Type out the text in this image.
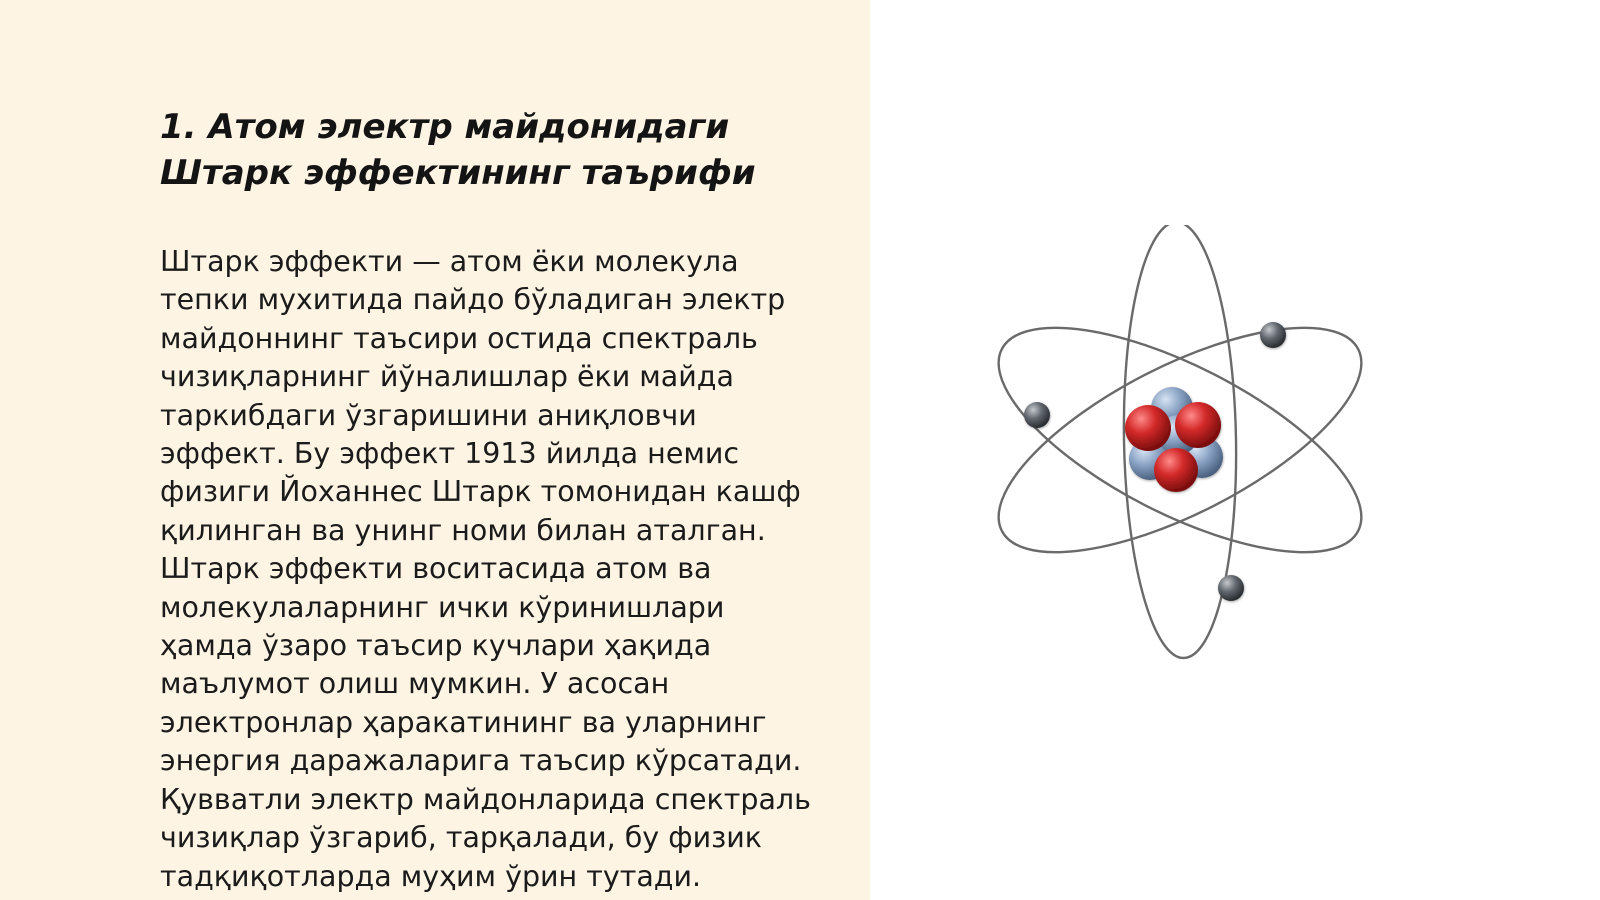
1. Атом электр майдонидаги
Штарк эффектининг таърифи

Штарк эффекти — атом ёки молекула
тепки мухитида пайдо бўладиган электр
майдоннинг таъсири остида спектраль
чизиқларнинг йўналишлар ёки майда
таркибдаги ўзгаришини аниқловчи
эффект. Бу эффект 1913 йилда немис
физиги Йоханнес Штарк томонидан кашф
қилинган ва унинг номи билан аталган.
Штарк эффекти воситасида атом ва
молекулаларнинг ички кўринишлари
ҳамда ўзаро таъсир кучлари ҳақида
маълумот олиш мумкин. У асосан
электронлар ҳаракатининг ва уларнинг
энергия даражаларига таъсир кўрсатади.
Қувватли электр майдонларида спектраль
чизиқлар ўзгариб, тарқалади, бу физик
тадқиқотларда муҳим ўрин тутади.
